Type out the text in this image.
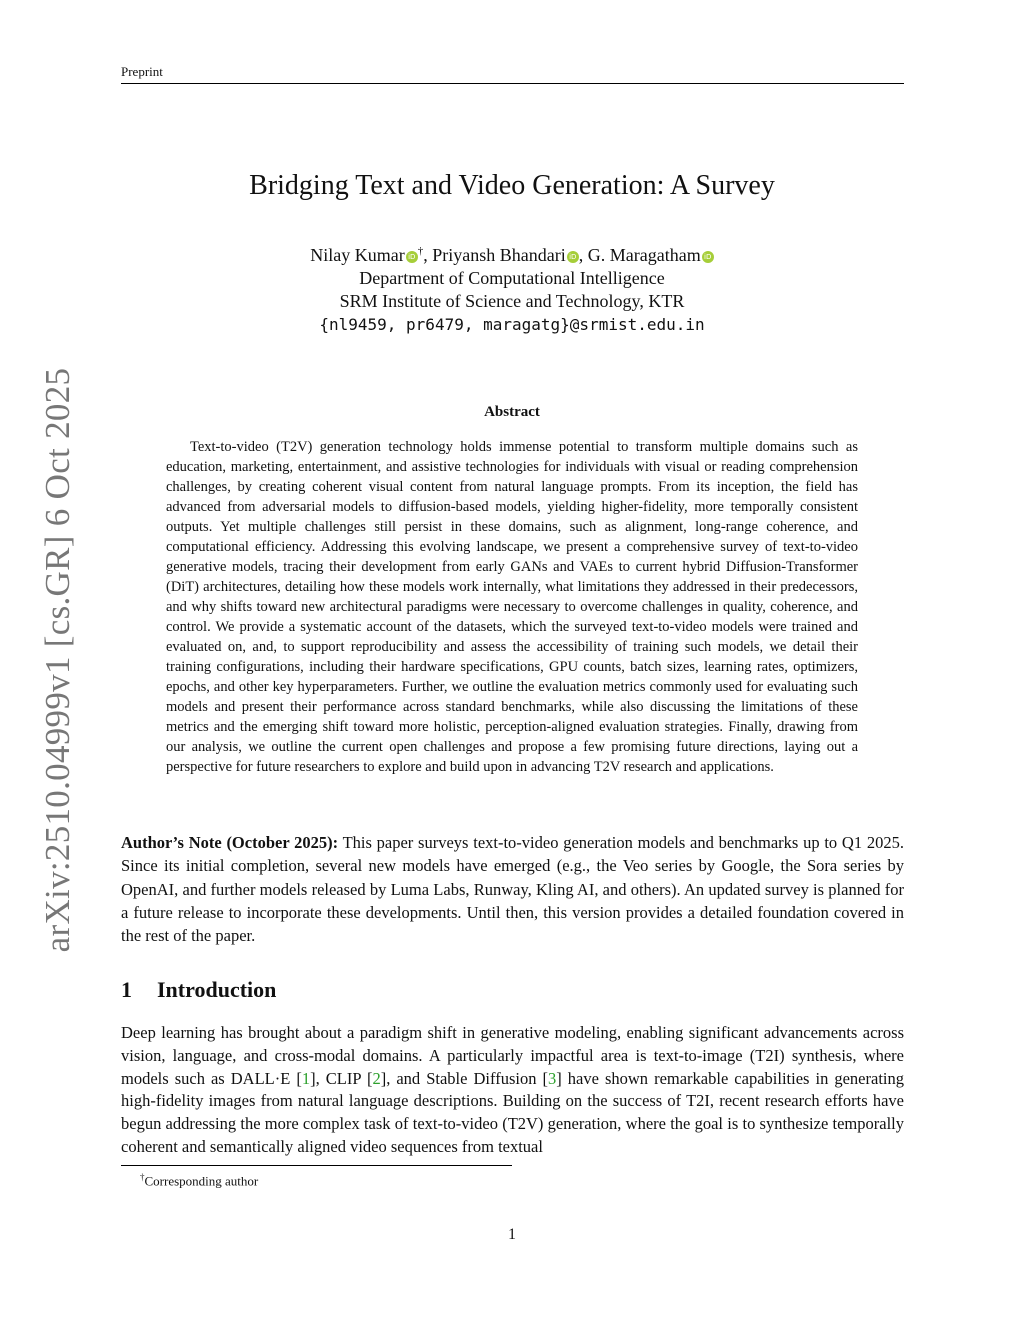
Preprint
arXiv:2510.04999v1 [cs.GR] 6 Oct 2025
Bridging Text and Video Generation: A Survey
Nilay Kumar iD †, Priyansh Bhandari iD , G. Maragatham iD
Department of Computational Intelligence
SRM Institute of Science and Technology, KTR
{nl9459, pr6479, maragatg}@srmist.edu.in
Abstract

Text-to-video (T2V) generation technology holds immense potential to transform multiple domains such as education, marketing, entertainment, and assistive technologies for individuals with visual or reading comprehension challenges, by creating coherent visual content from natural language prompts. From its inception, the field has advanced from adversarial models to diffusion-based models, yielding higher-fidelity, more temporally consistent outputs. Yet multiple challenges still persist in these domains, such as alignment, long-range coherence, and computational efficiency. Addressing this evolving landscape, we present a comprehensive survey of text-to-video generative models, tracing their development from early GANs and VAEs to current hybrid Diffusion-Transformer (DiT) architectures, detailing how these models work internally, what limitations they addressed in their predecessors, and why shifts toward new architectural paradigms were necessary to overcome challenges in quality, coherence, and control. We provide a systematic account of the datasets, which the surveyed text-to-video models were trained and evaluated on, and, to support reproducibility and assess the accessibility of training such models, we detail their training configurations, including their hardware specifications, GPU counts, batch sizes, learning rates, optimizers, epochs, and other key hyperparameters. Further, we outline the evaluation metrics commonly used for evaluating such models and present their performance across standard benchmarks, while also discussing the limitations of these metrics and the emerging shift toward more holistic, perception-aligned evaluation strategies. Finally, drawing from our analysis, we outline the current open challenges and propose a few promising future directions, laying out a perspective for future researchers to explore and build upon in advancing T2V research and applications.

Author’s Note (October 2025): This paper surveys text-to-video generation models and benchmarks up to Q1 2025. Since its initial completion, several new models have emerged (e.g., the Veo series by Google, the Sora series by OpenAI, and further models released by Luma Labs, Runway, Kling AI, and others). An updated survey is planned for a future release to incorporate these developments. Until then, this version provides a detailed foundation covered in the rest of the paper.

1 Introduction

Deep learning has brought about a paradigm shift in generative modeling, enabling significant advancements across vision, language, and cross-modal domains. A particularly impactful area is text-to-image (T2I) synthesis, where models such as DALL·E [1], CLIP [2], and Stable Diffusion [3] have shown remarkable capabilities in generating high-fidelity images from natural language descriptions. Building on the success of T2I, recent research efforts have begun addressing the more complex task of text-to-video (T2V) generation, where the goal is to synthesize temporally coherent and semantically aligned video sequences from textual

†Corresponding author
1
